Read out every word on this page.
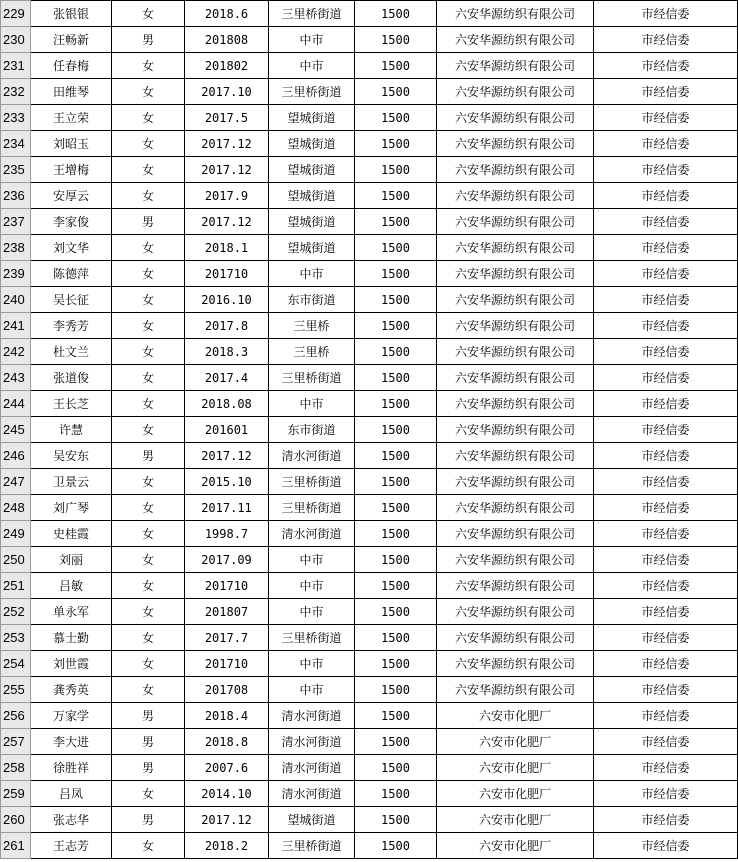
229	张银银	女	2018.6	三里桥街道	1500	六安华源纺织有限公司	市经信委
230	汪畅新	男	201808	中市	1500	六安华源纺织有限公司	市经信委
231	任春梅	女	201802	中市	1500	六安华源纺织有限公司	市经信委
232	田维琴	女	2017.10	三里桥街道	1500	六安华源纺织有限公司	市经信委
233	王立荣	女	2017.5	望城街道	1500	六安华源纺织有限公司	市经信委
234	刘昭玉	女	2017.12	望城街道	1500	六安华源纺织有限公司	市经信委
235	王增梅	女	2017.12	望城街道	1500	六安华源纺织有限公司	市经信委
236	安厚云	女	2017.9	望城街道	1500	六安华源纺织有限公司	市经信委
237	李家俊	男	2017.12	望城街道	1500	六安华源纺织有限公司	市经信委
238	刘文华	女	2018.1	望城街道	1500	六安华源纺织有限公司	市经信委
239	陈德萍	女	201710	中市	1500	六安华源纺织有限公司	市经信委
240	吴长征	女	2016.10	东市街道	1500	六安华源纺织有限公司	市经信委
241	李秀芳	女	2017.8	三里桥	1500	六安华源纺织有限公司	市经信委
242	杜文兰	女	2018.3	三里桥	1500	六安华源纺织有限公司	市经信委
243	张道俊	女	2017.4	三里桥街道	1500	六安华源纺织有限公司	市经信委
244	王长芝	女	2018.08	中市	1500	六安华源纺织有限公司	市经信委
245	许慧	女	201601	东市街道	1500	六安华源纺织有限公司	市经信委
246	吴安东	男	2017.12	清水河街道	1500	六安华源纺织有限公司	市经信委
247	卫景云	女	2015.10	三里桥街道	1500	六安华源纺织有限公司	市经信委
248	刘广琴	女	2017.11	三里桥街道	1500	六安华源纺织有限公司	市经信委
249	史桂霞	女	1998.7	清水河街道	1500	六安华源纺织有限公司	市经信委
250	刘丽	女	2017.09	中市	1500	六安华源纺织有限公司	市经信委
251	吕敏	女	201710	中市	1500	六安华源纺织有限公司	市经信委
252	单永军	女	201807	中市	1500	六安华源纺织有限公司	市经信委
253	慕士勤	女	2017.7	三里桥街道	1500	六安华源纺织有限公司	市经信委
254	刘世霞	女	201710	中市	1500	六安华源纺织有限公司	市经信委
255	龚秀英	女	201708	中市	1500	六安华源纺织有限公司	市经信委
256	万家学	男	2018.4	清水河街道	1500	六安市化肥厂	市经信委
257	李大进	男	2018.8	清水河街道	1500	六安市化肥厂	市经信委
258	徐胜祥	男	2007.6	清水河街道	1500	六安市化肥厂	市经信委
259	吕凤	女	2014.10	清水河街道	1500	六安市化肥厂	市经信委
260	张志华	男	2017.12	望城街道	1500	六安市化肥厂	市经信委
261	王志芳	女	2018.2	三里桥街道	1500	六安市化肥厂	市经信委
